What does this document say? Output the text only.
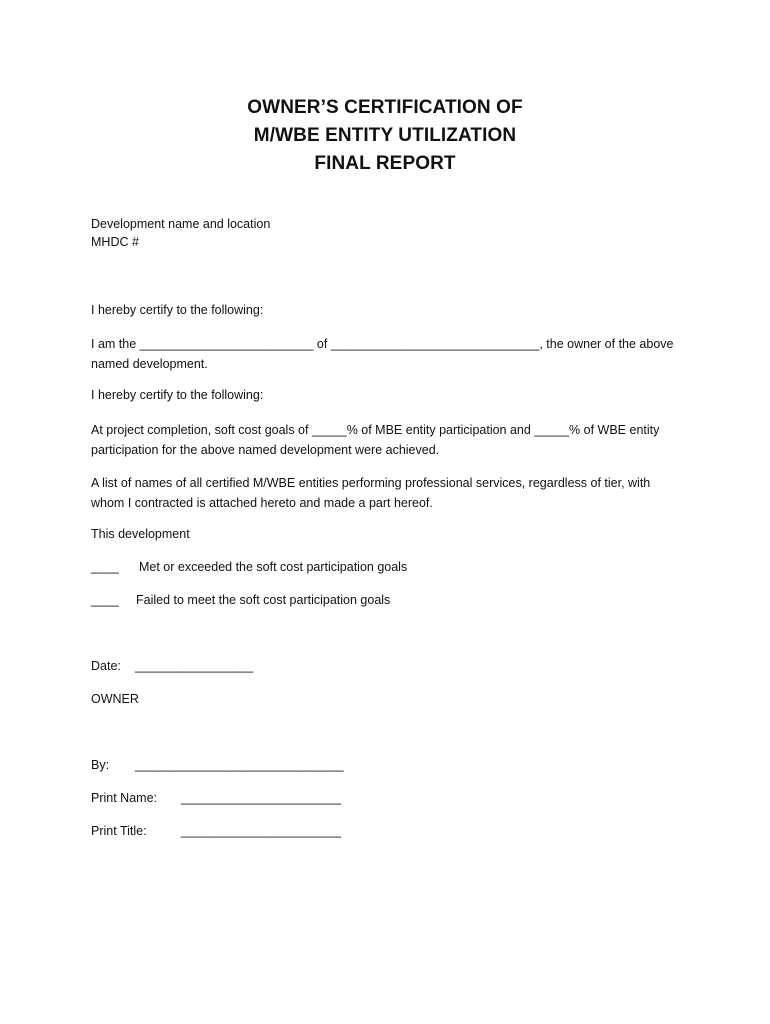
OWNER’S CERTIFICATION OF
M/WBE ENTITY UTILIZATION
FINAL REPORT
Development name and location
MHDC #
I hereby certify to the following:
I am the _________________________ of ______________________________, the owner of the above named development.
I hereby certify to the following:
At project completion, soft cost goals of _____% of MBE entity participation and _____% of WBE entity participation for the above named development were achieved.
A list of names of all certified M/WBE entities performing professional services, regardless of tier, with whom I contracted is attached hereto and made a part hereof.
This development
____ Met or exceeded the soft cost participation goals
____ Failed to meet the soft cost participation goals
Date: _________________
OWNER
By: ______________________________
Print Name: _______________________
Print Title:	_______________________
